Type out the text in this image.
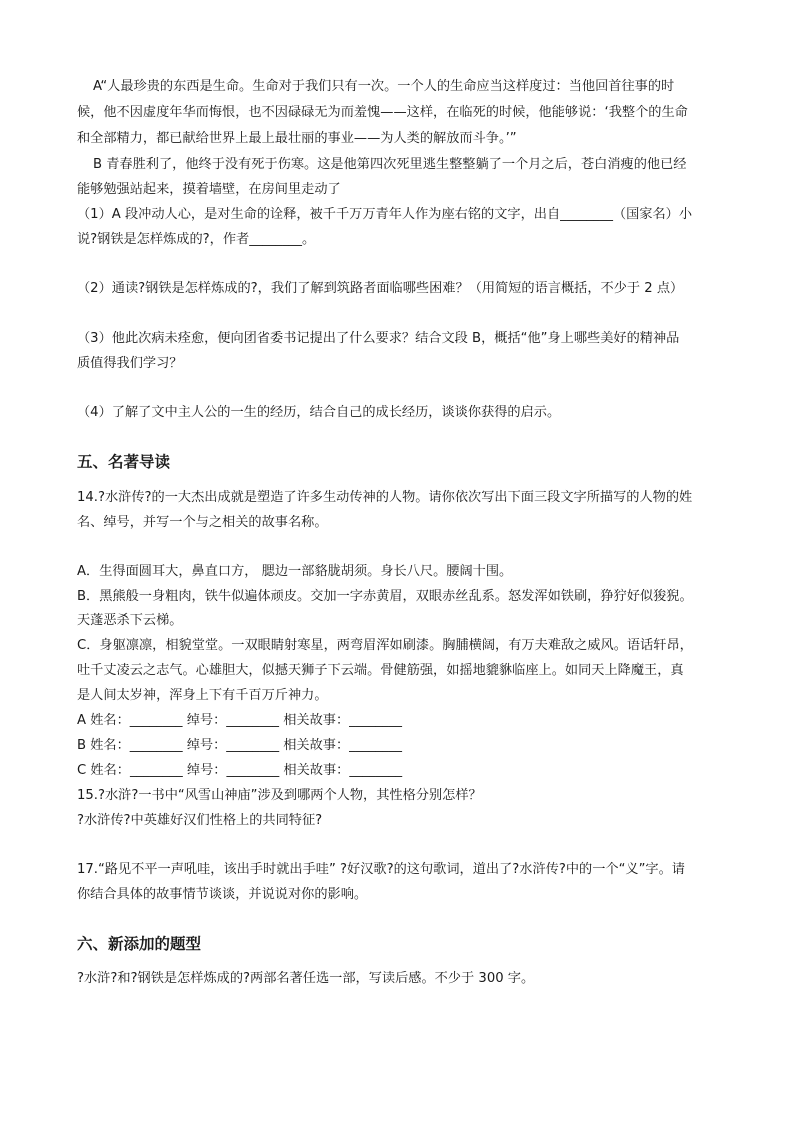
A“人最珍贵的东西是生命。生命对于我们只有一次。一个人的生命应当这样度过：当他回首往事的时
候，他不因虚度年华而悔恨，也不因碌碌无为而羞愧——这样，在临死的时候，他能够说：‘我整个的生命
和全部精力，都已献给世界上最上最壮丽的事业——为人类的解放而斗争。’”
B 青春胜利了，他终于没有死于伤寒。这是他第四次死里逃生整整躺了一个月之后，苍白消瘦的他已经
能够勉强站起来，摸着墙壁，在房间里走动了
（1）A 段冲动人心，是对生命的诠释，被千千万万青年人作为座右铭的文字，出自________（国家名）小
说?钢铁是怎样炼成的?，作者________。
（2）通读?钢铁是怎样炼成的?，我们了解到筑路者面临哪些困难？（用简短的语言概括，不少于 2 点）
（3）他此次病未痊愈，便向团省委书记提出了什么要求？结合文段 B，概括“他”身上哪些美好的精神品
质值得我们学习？
（4）了解了文中主人公的一生的经历，结合自己的成长经历，谈谈你获得的启示。
五、名著导读
14.?水浒传?的一大杰出成就是塑造了许多生动传神的人物。请你依次写出下面三段文字所描写的人物的姓
名、绰号，并写一个与之相关的故事名称。
A．生得面圆耳大，鼻直口方， 腮边一部貉胧胡须。身长八尺。腰阔十围。
B．黑熊般一身粗肉，铁牛似遍体顽皮。交加一字赤黄眉，双眼赤丝乱系。怒发浑如铁刷，狰狞好似狻猊。
天蓬恶杀下云梯。
C．身躯凛凛，相貌堂堂。一双眼睛射寒星，两弯眉浑如刷漆。胸脯横阔，有万夫难敌之威风。语话轩昂，
吐千丈凌云之志气。心雄胆大，似撼天狮子下云端。骨健筋强，如摇地貔貅临座上。如同天上降魔王，真
是人间太岁神，浑身上下有千百万斤神力。
A 姓名：________ 绰号：________ 相关故事：________
B 姓名：________ 绰号：________ 相关故事：________
C 姓名：________ 绰号：________ 相关故事：________
15.?水浒?一书中“风雪山神庙”涉及到哪两个人物，其性格分别怎样？
?水浒传?中英雄好汉们性格上的共同特征?
17.“路见不平一声吼哇，该出手时就出手哇” ?好汉歌?的这句歌词，道出了?水浒传?中的一个“义”字。请
你结合具体的故事情节谈谈，并说说对你的影响。
六、新添加的题型
?水浒?和?钢铁是怎样炼成的?两部名著任选一部，写读后感。不少于 300 字。
